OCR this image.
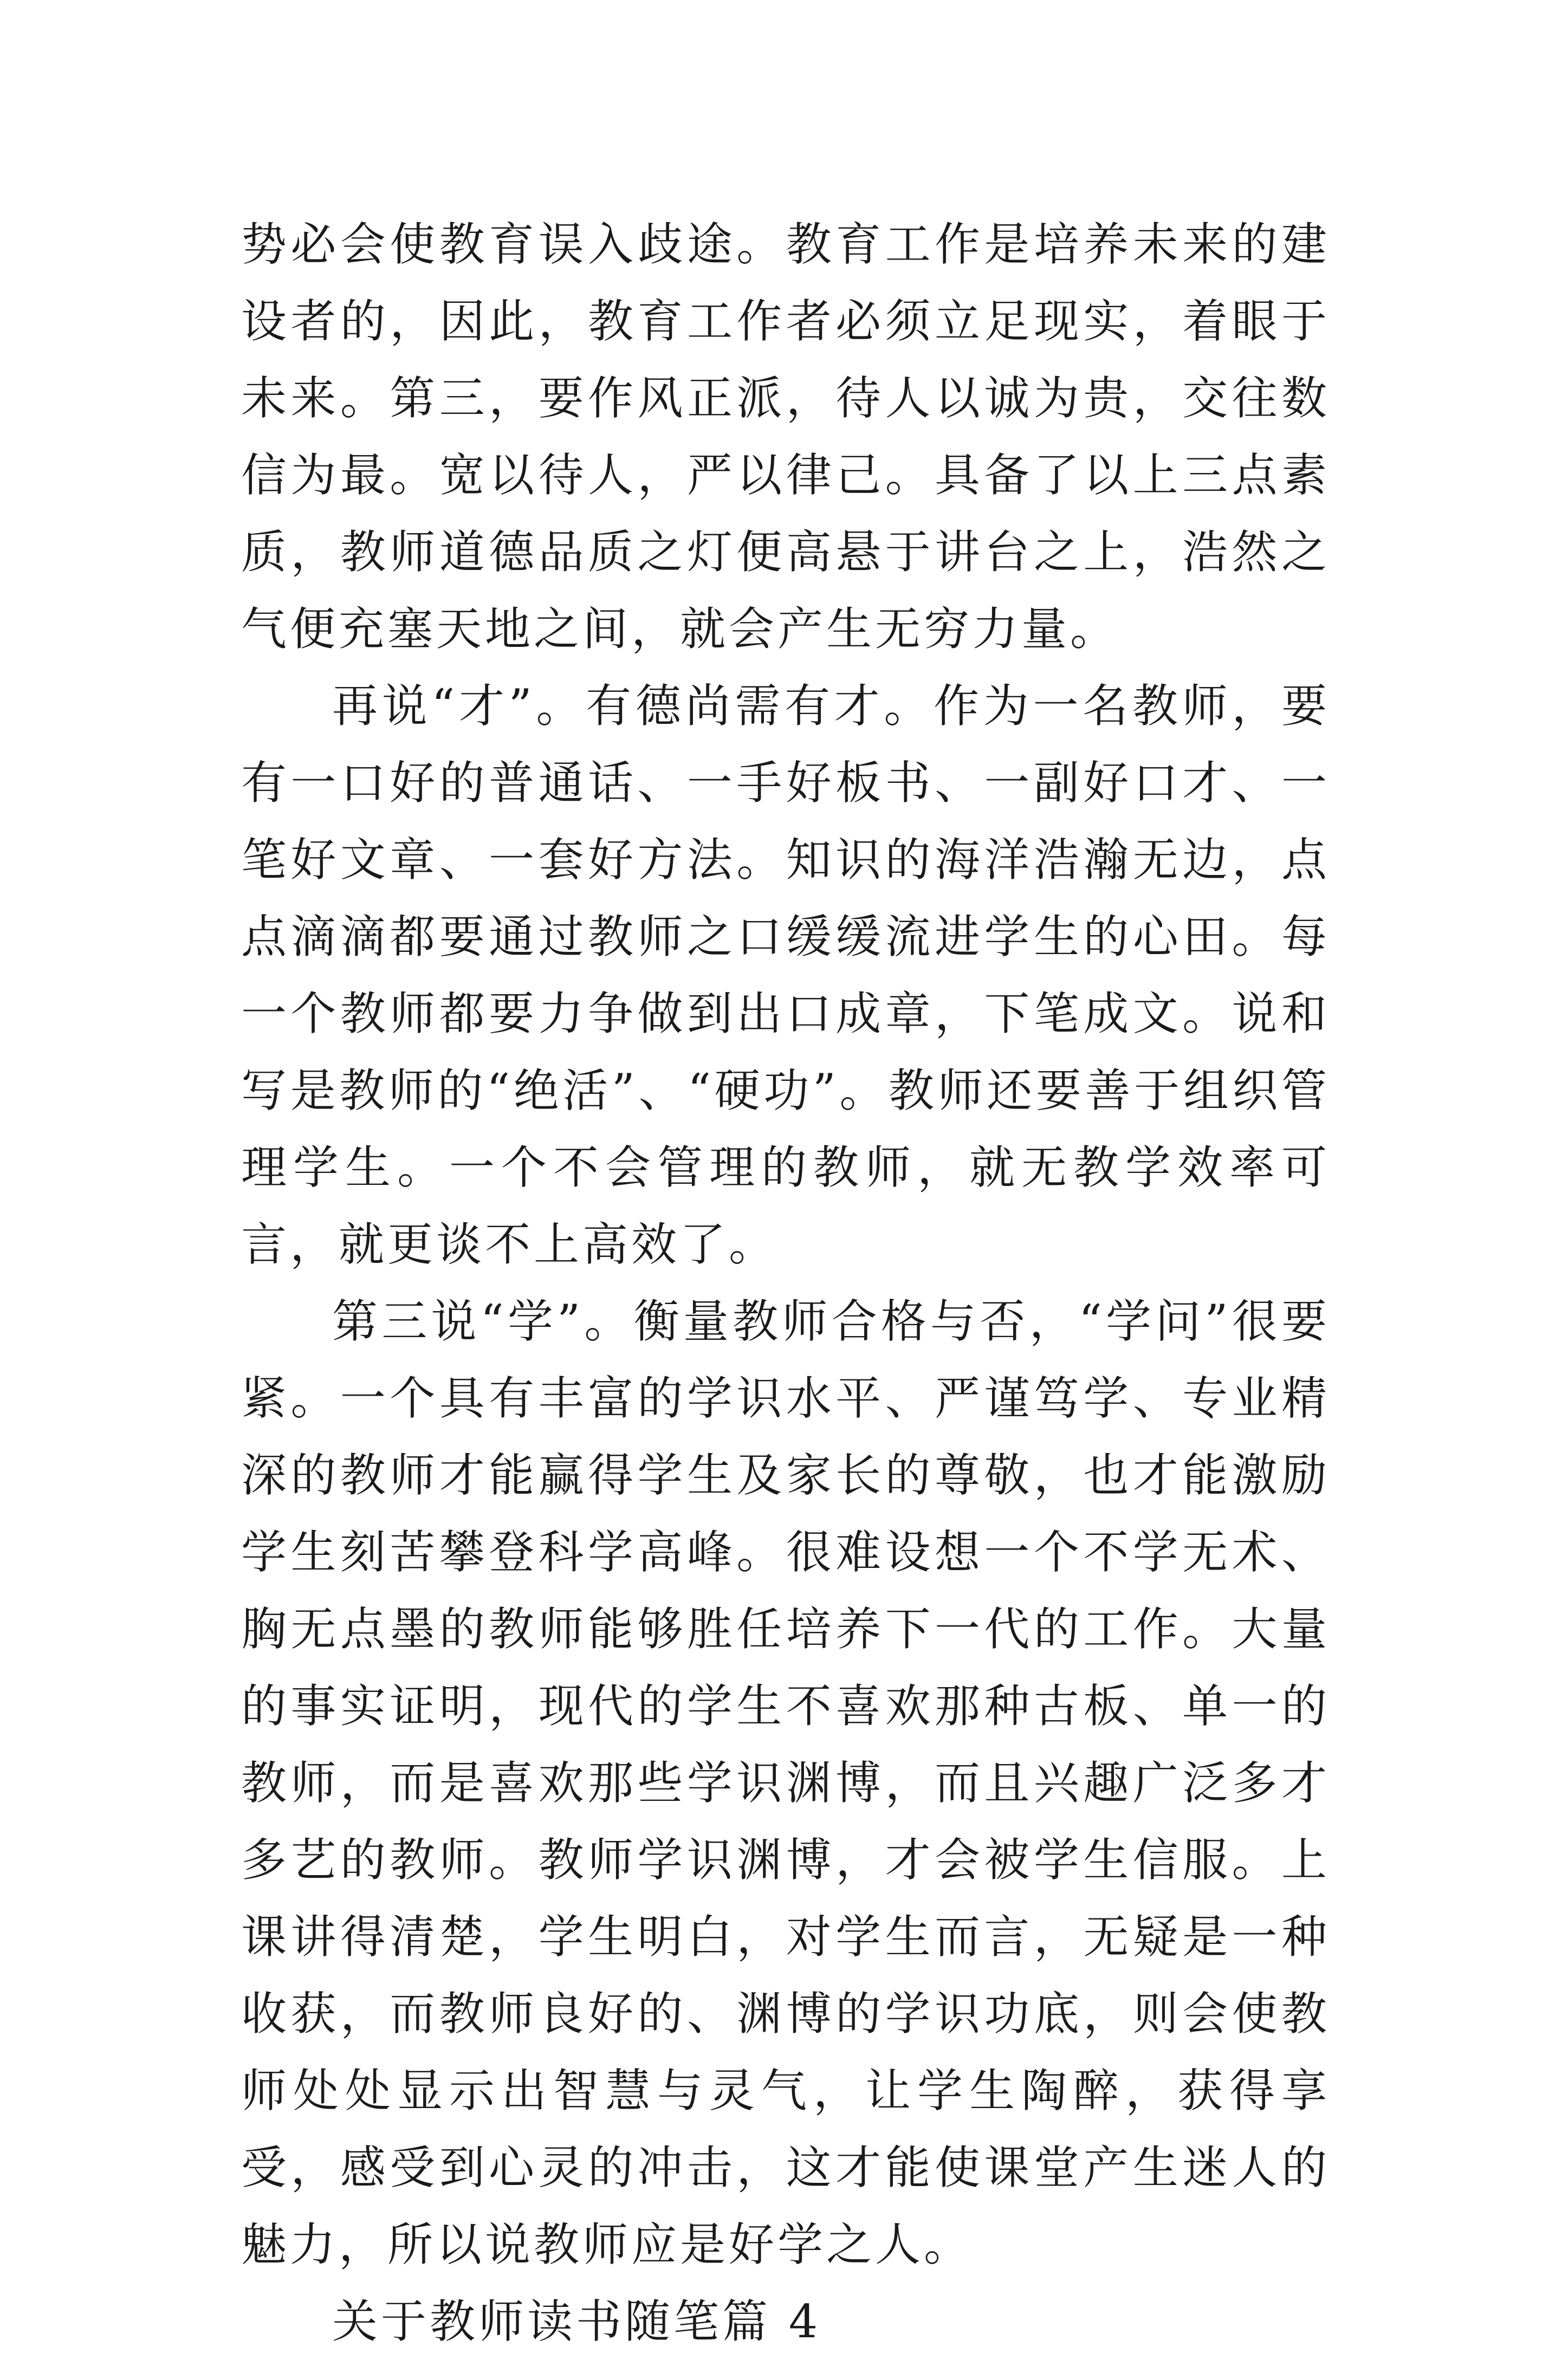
势必会使教育误入歧途。教育工作是培养未来的建设者的，因此，教育工作者必须立足现实，着眼于未来。第三，要作风正派，待人以诚为贵，交往数信为最。宽以待人，严以律己。具备了以上三点素质，教师道德品质之灯便高悬于讲台之上，浩然之气便充塞天地之间，就会产生无穷力量。

再说“才”。有德尚需有才。作为一名教师，要有一口好的普通话、一手好板书、一副好口才、一笔好文章、一套好方法。知识的海洋浩瀚无边，点点滴滴都要通过教师之口缓缓流进学生的心田。每一个教师都要力争做到出口成章，下笔成文。说和写是教师的“绝活”、“硬功”。教师还要善于组织管理学生。一个不会管理的教师，就无教学效率可言，就更谈不上高效了。

第三说“学”。衡量教师合格与否，“学问”很要紧。一个具有丰富的学识水平、严谨笃学、专业精深的教师才能赢得学生及家长的尊敬，也才能激励学生刻苦攀登科学高峰。很难设想一个不学无术、胸无点墨的教师能够胜任培养下一代的工作。大量的事实证明，现代的学生不喜欢那种古板、单一的教师，而是喜欢那些学识渊博，而且兴趣广泛多才多艺的教师。教师学识渊博，才会被学生信服。上课讲得清楚，学生明白，对学生而言，无疑是一种收获，而教师良好的、渊博的学识功底，则会使教师处处显示出智慧与灵气，让学生陶醉，获得享受，感受到心灵的冲击，这才能使课堂产生迷人的魅力，所以说教师应是好学之人。

关于教师读书随笔篇 4
